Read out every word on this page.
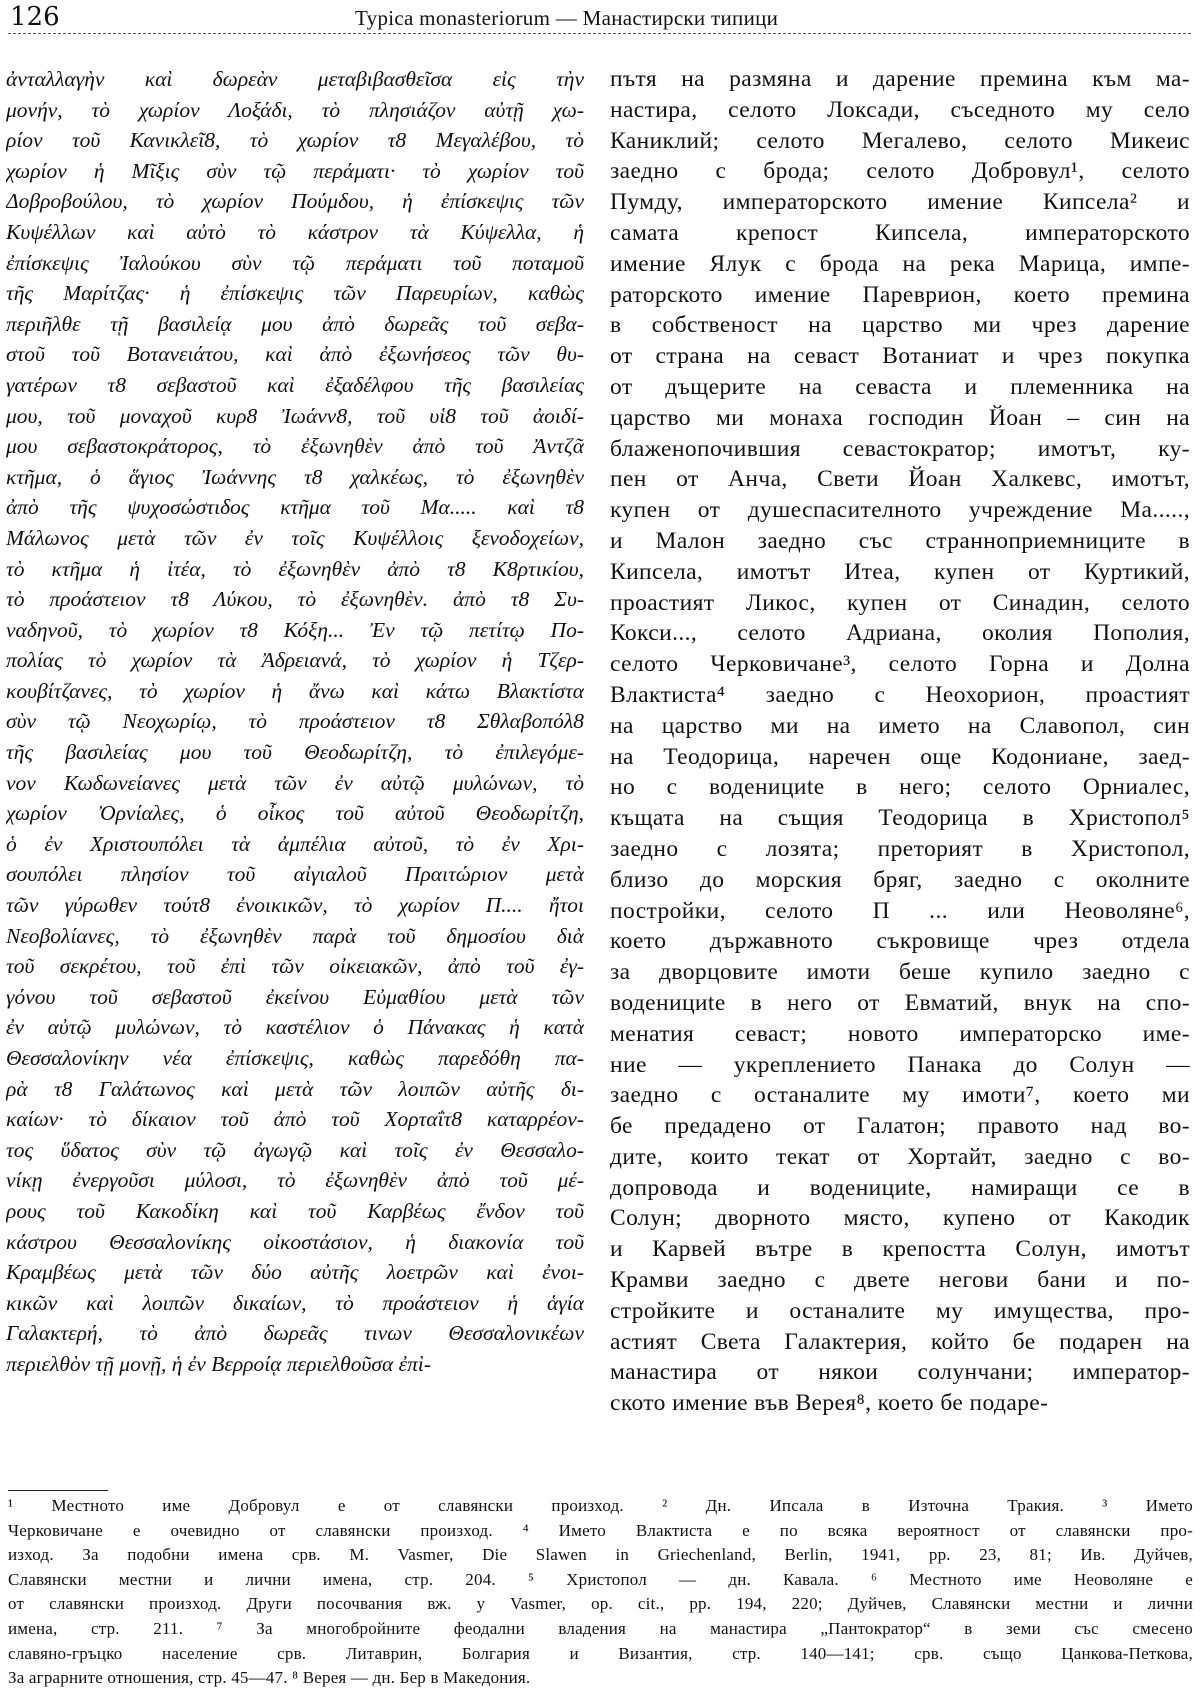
126	Typica monasteriorum — Манастирски типици
ἀνταλλαγὴν καὶ δωρεὰν μεταβιβασθεῖσα εἰς τὴν
μονήν, τὸ χωρίον Λοξάδι, τὸ πλησιάζον αὐτῇ χω-
ρίον τοῦ Κανικλεῖ8, τὸ χωρίον τ8 Μεγαλέβου, τὸ
χωρίον ἡ Μῖξις σὺν τῷ περάματι· τὸ χωρίον τοῦ
Δοβροβούλου, τὸ χωρίον Πούμδου, ἡ ἐπίσκεψις τῶν
Κυψέλλων καὶ αὐτὸ τὸ κάστρον τὰ Κύψελλα, ἡ
ἐπίσκεψις Ἰαλούκου σὺν τῷ περάματι τοῦ ποταμοῦ
τῆς Μαρίτζας· ἡ ἐπίσκεψις τῶν Παρευρίων, καθὼς
περιῆλθε τῇ βασιλείᾳ μου ἀπὸ δωρεᾶς τοῦ σεβα-
στοῦ τοῦ Βοτανειάτου, καὶ ἀπὸ ἐξωνήσεος τῶν θυ-
γατέρων τ8 σεβαστοῦ καὶ ἐξαδέλφου τῆς βασιλείας
μου, τοῦ μοναχοῦ κυρ8 Ἰωάνν8, τοῦ υἱ8 τοῦ ἀοιδί-
μου σεβαστοκράτορος, τὸ ἐξωνηθὲν ἀπὸ τοῦ Ἀντζᾶ
κτῆμα, ὁ ἅγιος Ἰωάννης τ8 χαλκέως, τὸ ἐξωνηθὲν
ἀπὸ τῆς ψυχοσώστιδος κτῆμα τοῦ Μα..... καὶ τ8
Μάλωνος μετὰ τῶν ἐν τοῖς Κυψέλλοις ξενοδοχείων,
τὸ κτῆμα ἡ ἰτέα, τὸ ἐξωνηθὲν ἀπὸ τ8 Κ8ρτικίου,
τὸ προάστειον τ8 Λύκου, τὸ ἐξωνηθὲν. ἀπὸ τ8 Συ-
ναδηνοῦ, τὸ χωρίον τ8 Κόξη... Ἐν τῷ πετίτῳ Πο-
πολίας τὸ χωρίον τὰ Ἀδρειανά, τὸ χωρίον ἡ Τζερ-
κουβίτζανες, τὸ χωρίον ἡ ἄνω καὶ κάτω Βλακτίστα
σὺν τῷ Νεοχωρίῳ, τὸ προάστειον τ8 Σθλαβοπόλ8
τῆς βασιλείας μου τοῦ Θεοδωρίτζη, τὸ ἐπιλεγόμε-
νον Κωδωνείανες μετὰ τῶν ἐν αὐτῷ μυλώνων, τὸ
χωρίον Ὀρνίαλες, ὁ οἶκος τοῦ αὐτοῦ Θεοδωρίτζη,
ὁ ἐν Χριστουπόλει τὰ ἀμπέλια αὐτοῦ, τὸ ἐν Χρι-
σουπόλει πλησίον τοῦ αἰγιαλοῦ Πραιτώριον μετὰ
τῶν γύρωθεν τούτ8 ἐνοικικῶν, τὸ χωρίον Π.... ἤτοι
Νεοβολίανες, τὸ ἐξωνηθὲν παρὰ τοῦ δημοσίου διὰ
τοῦ σεκρέτου, τοῦ ἐπὶ τῶν οἰκειακῶν, ἀπὸ τοῦ ἐγ-
γόνου τοῦ σεβαστοῦ ἐκείνου Εὐμαθίου μετὰ τῶν
ἐν αὐτῷ μυλώνων, τὸ καστέλιον ὁ Πάνακας ἡ κατὰ
Θεσσαλονίκην νέα ἐπίσκεψις, καθὼς παρεδόθη πα-
ρὰ τ8 Γαλάτωνος καὶ μετὰ τῶν λοιπῶν αὐτῆς δι-
καίων· τὸ δίκαιον τοῦ ἀπὸ τοῦ Χορταΐτ8 καταρρέον-
τος ὕδατος σὺν τῷ ἀγωγῷ καὶ τοῖς ἐν Θεσσαλο-
νίκῃ ἐνεργοῦσι μύλοσι, τὸ ἐξωνηθὲν ἀπὸ τοῦ μέ-
ρους τοῦ Κακοδίκη καὶ τοῦ Καρβέως ἔνδον τοῦ
κάστρου Θεσσαλονίκης οἰκοστάσιον, ἡ διακονία τοῦ
Κραμβέως μετὰ τῶν δύο αὐτῆς λοετρῶν καὶ ἐνοι-
κικῶν καὶ λοιπῶν δικαίων, τὸ προάστειον ἡ ἁγία
Γαλακτερή, τὸ ἀπὸ δωρεᾶς τινων Θεσσαλονικέων
περιελθὸν τῇ μονῇ, ἡ ἐν Βερροίᾳ περιελθοῦσα ἐπὶ-
пътя на размяна и дарение премина към ма-
настира, селото Локсади, съседното му село
Каниклий; селото Мегалево, селото Микеис
заедно с брода; селото Добровул¹, селото
Пумду, императорското имение Кипсела² и
самата крепост Кипсела, императорското
имение Ялук с брода на река Марица, импе-
раторското имение Пареврион, което премина
в собственост на царство ми чрез дарение
от страна на севаст Вотаниат и чрез покупка
от дъщерите на севаста и племенника на
царство ми монаха господин Йоан – син на
блаженопочившия севастократор; имотът, ку-
пен от Анча, Свети Йоан Халкевс, имотът,
купен от душеспасителното учреждение Ма.....,
и Малон заедно със странноприемниците в
Кипсела, имотът Итеа, купен от Куртикий,
проастият Ликос, купен от Синадин, селото
Кокси..., селото Адриана, околия Пополия,
селото Черковичане³, селото Горна и Долна
Влактиста⁴ заедно с Неохорион, проастият
на царство ми на името на Славопол, син
на Теодорица, наречен още Кодониане, заед-
но с воденициte в него; селото Орниалес,
къщата на същия Теодорица в Христопол⁵
заедно с лозята; преторият в Христопол,
близо до морския бряг, заедно с околните
постройки, селото П ... или Неоволяне⁶,
което държавното съкровище чрез отдела
за дворцовите имоти беше купило заедно с
воденициte в него от Евматий, внук на спо-
менатия севаст; новото императорско име-
ние — укреплението Панака до Солун —
заедно с останалите му имоти⁷, което ми
бе предадено от Галатон; правото над во-
дите, които текат от Хортайт, заедно с во-
допровода и воденициte, намиращи се в
Солун; дворното място, купено от Какодик
и Карвей вътре в крепостта Солун, имотът
Крамви заедно с двете негови бани и по-
стройките и останалите му имущества, про-
астият Света Галактерия, който бе подарен на
манастира от някои солунчани; император-
ското имение във Верея⁸, което бе подаре-
¹ Местното име Добровул е от славянски произход. ² Дн. Ипсала в Източна Тракия. ³ Името
Черковичане е очевидно от славянски произход. ⁴ Името Влактиста е по всяка вероятност от славянски про-
изход. За подобни имена срв. М. Vasmer, Die Slawen in Griechenland, Berlin, 1941, pp. 23, 81; Ив. Дуйчев,
Славянски местни и лични имена, стр. 204. ⁵ Христопол — дн. Кавала. ⁶ Местното име Неоволяне е
от славянски произход. Други посочвания вж. у Vasmer, op. cit., pp. 194, 220; Дуйчев, Славянски местни и лични
имена, стр. 211. ⁷ За многобройните феодални владения на манастира „Пантократор“ в земи със смесено
славяно-гръцко население срв. Литаврин, Болгария и Византия, стр. 140—141; срв. също Цанкова-Петкова,
За аграрните отношения, стр. 45—47. ⁸ Верея — дн. Бер в Македония.
